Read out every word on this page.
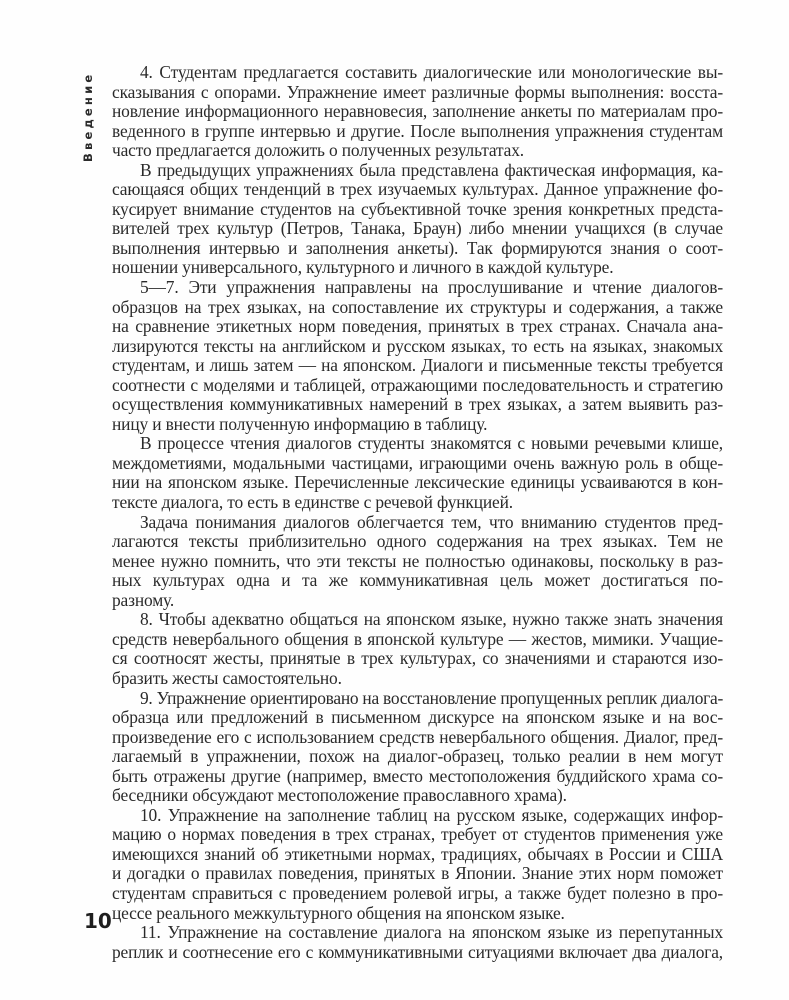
Введение	4. Студентам предлагается составить диалогические или монологические вы-
сказывания с опорами. Упражнение имеет различные формы выполнения: восста-
новление информационного неравновесия, заполнение анкеты по материалам про-
веденного в группе интервью и другие. После выполнения упражнения студентам
часто предлагается доложить о полученных результатах.
В предыдущих упражнениях была представлена фактическая информация, ка-
сающаяся общих тенденций в трех изучаемых культурах. Данное упражнение фо-
кусирует внимание студентов на субъективной точке зрения конкретных предста-
вителей трех культур (Петров, Танака, Браун) либо мнении учащихся (в случае
выполнения интервью и заполнения анкеты). Так формируются знания о соот-
ношении универсального, культурного и личного в каждой культуре.
5—7. Эти упражнения направлены на прослушивание и чтение диалогов-
образцов на трех языках, на сопоставление их структуры и содержания, а также
на сравнение этикетных норм поведения, принятых в трех странах. Сначала ана-
лизируются тексты на английском и русском языках, то есть на языках, знакомых
студентам, и лишь затем — на японском. Диалоги и письменные тексты требуется
соотнести с моделями и таблицей, отражающими последовательность и стратегию
осуществления коммуникативных намерений в трех языках, а затем выявить раз-
ницу и внести полученную информацию в таблицу.
В процессе чтения диалогов студенты знакомятся с новыми речевыми клише,
междометиями, модальными частицами, играющими очень важную роль в обще-
нии на японском языке. Перечисленные лексические единицы усваиваются в кон-
тексте диалога, то есть в единстве с речевой функцией.
Задача понимания диалогов облегчается тем, что вниманию студентов пред-
лагаются тексты приблизительно одного содержания на трех языках. Тем не
менее нужно помнить, что эти тексты не полностью одинаковы, поскольку в раз-
ных культурах одна и та же коммуникативная цель может достигаться по-
разному.
8. Чтобы адекватно общаться на японском языке, нужно также знать значения
средств невербального общения в японской культуре — жестов, мимики. Учащие-
ся соотносят жесты, принятые в трех культурах, со значениями и стараются изо-
бразить жесты самостоятельно.
9. Упражнение ориентировано на восстановление пропущенных реплик диалога-
образца или предложений в письменном дискурсе на японском языке и на вос-
произведение его с использованием средств невербального общения. Диалог, пред-
лагаемый в упражнении, похож на диалог-образец, только реалии в нем могут
быть отражены другие (например, вместо местоположения буддийского храма со-
беседники обсуждают местоположение православного храма).
10. Упражнение на заполнение таблиц на русском языке, содержащих инфор-
мацию о нормах поведения в трех странах, требует от студентов применения уже
имеющихся знаний об этикетными нормах, традициях, обычаях в России и США
и догадки о правилах поведения, принятых в Японии. Знание этих норм поможет
студентам справиться с проведением ролевой игры, а также будет полезно в про-
цессе реального межкультурного общения на японском языке.
11. Упражнение на составление диалога на японском языке из перепутанных
реплик и соотнесение его с коммуникативными ситуациями включает два диалога,
10
